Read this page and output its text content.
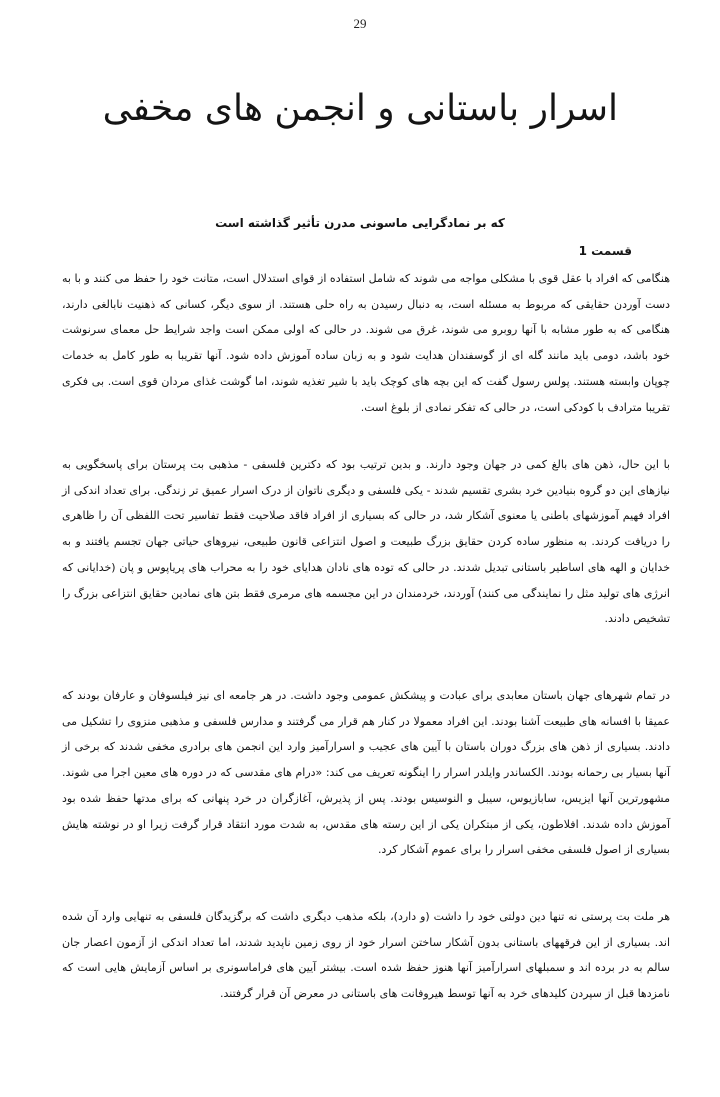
29
اسرار باستانی و انجمن های مخفی
که بر نمادگرایی ماسونی مدرن تأثیر گذاشته است
قسمت 1

هنگامی که افراد با عقل قوی با مشکلی مواجه می شوند که شامل استفاده از قوای استدلال است، متانت خود را حفظ می کنند و با به دست آوردن حقایقی که مربوط به مسئله است، به دنبال رسیدن به راه حلی هستند. از سوی دیگر، کسانی که ذهنیت نابالغی دارند، هنگامی که به طور مشابه با آنها روبرو می شوند، غرق می شوند. در حالی که اولی ممکن است واجد شرایط حل معمای سرنوشت خود باشد، دومی باید مانند گله ای از گوسفندان هدایت شود و به زبان ساده آموزش داده شود. آنها تقریبا به طور کامل به خدمات چوپان وابسته هستند. پولس رسول گفت که این بچه های کوچک باید با شیر تغذیه شوند، اما گوشت غذای مردان قوی است. بی فکری تقریبا مترادف با کودکی است، در حالی که تفکر نمادی از بلوغ است.

با این حال، ذهن های بالغ کمی در جهان وجود دارند. و بدین ترتیب بود که دکترین فلسفی - مذهبی بت پرستان برای پاسخگویی به نیازهای این دو گروه بنیادین خرد بشری تقسیم شدند - یکی فلسفی و دیگری ناتوان از درک اسرار عمیق تر زندگی. برای تعداد اندکی از افراد فهیم آموزشهای باطنی یا معنوی آشکار شد، در حالی که بسیاری از افراد فاقد صلاحیت فقط تفاسیر تحت اللفظی آن را ظاهری را دریافت کردند. به منظور ساده کردن حقایق بزرگ طبیعت و اصول انتزاعی قانون طبیعی، نیروهای حیاتی جهان تجسم یافتند و به خدایان و الهه های اساطیر باستانی تبدیل شدند. در حالی که توده های نادان هدایای خود را به محراب های پریاپوس و پان (خدایانی که انرژی های تولید مثل را نمایندگی می کنند) آوردند، خردمندان در این مجسمه های مرمری فقط بتن های نمادین حقایق انتزاعی بزرگ را تشخیص دادند.

در تمام شهرهای جهان باستان معابدی برای عبادت و پیشکش عمومی وجود داشت. در هر جامعه ای نیز فیلسوفان و عارفان بودند که عمیقا با افسانه های طبیعت آشنا بودند. این افراد معمولا در کنار هم قرار می گرفتند و مدارس فلسفی و مذهبی منزوی را تشکیل می دادند. بسیاری از ذهن های بزرگ دوران باستان با آیین های عجیب و اسرارآمیز وارد این انجمن های برادری مخفی شدند که برخی از آنها بسیار بی رحمانه بودند. الکساندر وایلدر اسرار را اینگونه تعریف می کند: «درام های مقدسی که در دوره های معین اجرا می شوند. مشهورترین آنها ایزیس، سابازیوس، سیبل و النوسیس بودند. پس از پذیرش، آغازگران در خرد پنهانی که برای مدتها حفظ شده بود آموزش داده شدند. افلاطون، یکی از مبتکران یکی از این رسته های مقدس، به شدت مورد انتقاد قرار گرفت زیرا او در نوشته هایش بسیاری از اصول فلسفی مخفی اسرار را برای عموم آشکار کرد.

هر ملت بت پرستی نه تنها دین دولتی خود را داشت (و دارد)، بلکه مذهب دیگری داشت که برگزیدگان فلسفی به تنهایی وارد آن شده اند. بسیاری از این فرقههای باستانی بدون آشکار ساختن اسرار خود از روی زمین ناپدید شدند، اما تعداد اندکی از آزمون اعصار جان سالم به در برده اند و سمبلهای اسرارآمیز آنها هنوز حفظ شده است. بیشتر آیین های فراماسونری بر اساس آزمایش هایی است که نامزدها قبل از سپردن کلیدهای خرد به آنها توسط هیروفانت های باستانی در معرض آن قرار گرفتند.
